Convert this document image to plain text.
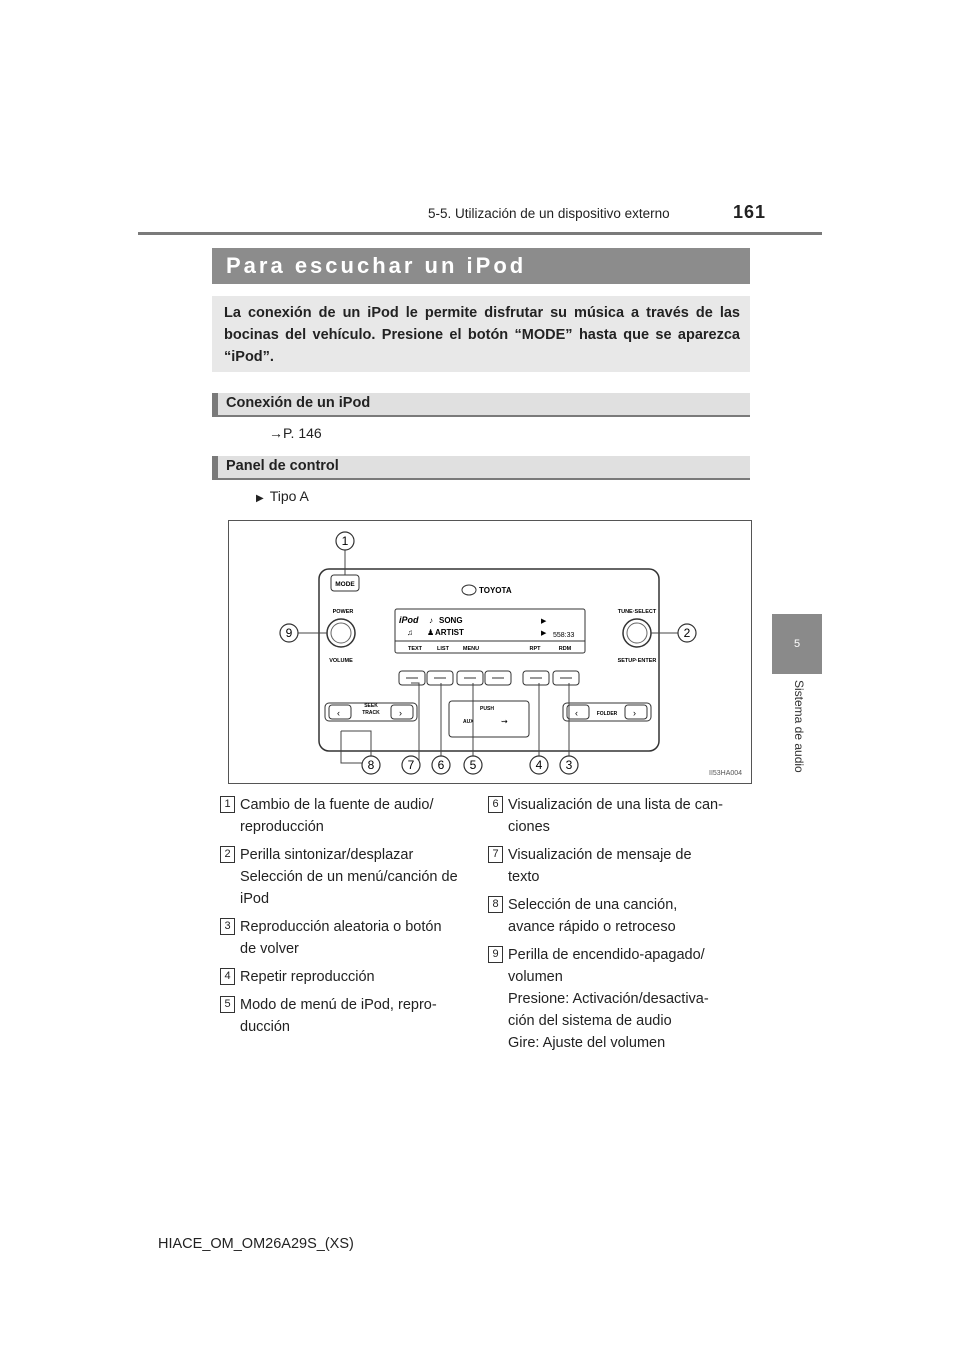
5-5. Utilización de un dispositivo externo	161
5
Sistema de audio
Para escuchar un iPod
La conexión de un iPod le permite disfrutar su música a través de las bocinas del vehículo. Presione el botón “MODE” hasta que se aparezca “iPod”.
Conexión de un iPod
→P. 146
Panel de control
▶ Tipo A
MODE
TOYOTA
POWER
VOLUME
TUNE·SELECT
SETUP·ENTER
iPod ♪ SONG
♫ ♟ ARTIST
▶
▶ 558:33
TEXT	LIST	MENU	RPT	RDM
‹	›
SEEK
TRACK	‹	›
FOLDER
PUSH
AUX	⇝
1
2
3
4
5
6
7
8
9
II53HA004
1 Cambio de la fuente de audio/
reproducción
2 Perilla sintonizar/desplazar
Selección de un menú/canción de
iPod
3 Reproducción aleatoria o botón
de volver
4 Repetir reproducción
5 Modo de menú de iPod, repro-
ducción
6 Visualización de una lista de can-
ciones
7 Visualización de mensaje de
texto
8 Selección de una canción,
avance rápido o retroceso
9 Perilla de encendido-apagado/
volumen
Presione: Activación/desactiva-
ción del sistema de audio
Gire: Ajuste del volumen
HIACE_OM_OM26A29S_(XS)
